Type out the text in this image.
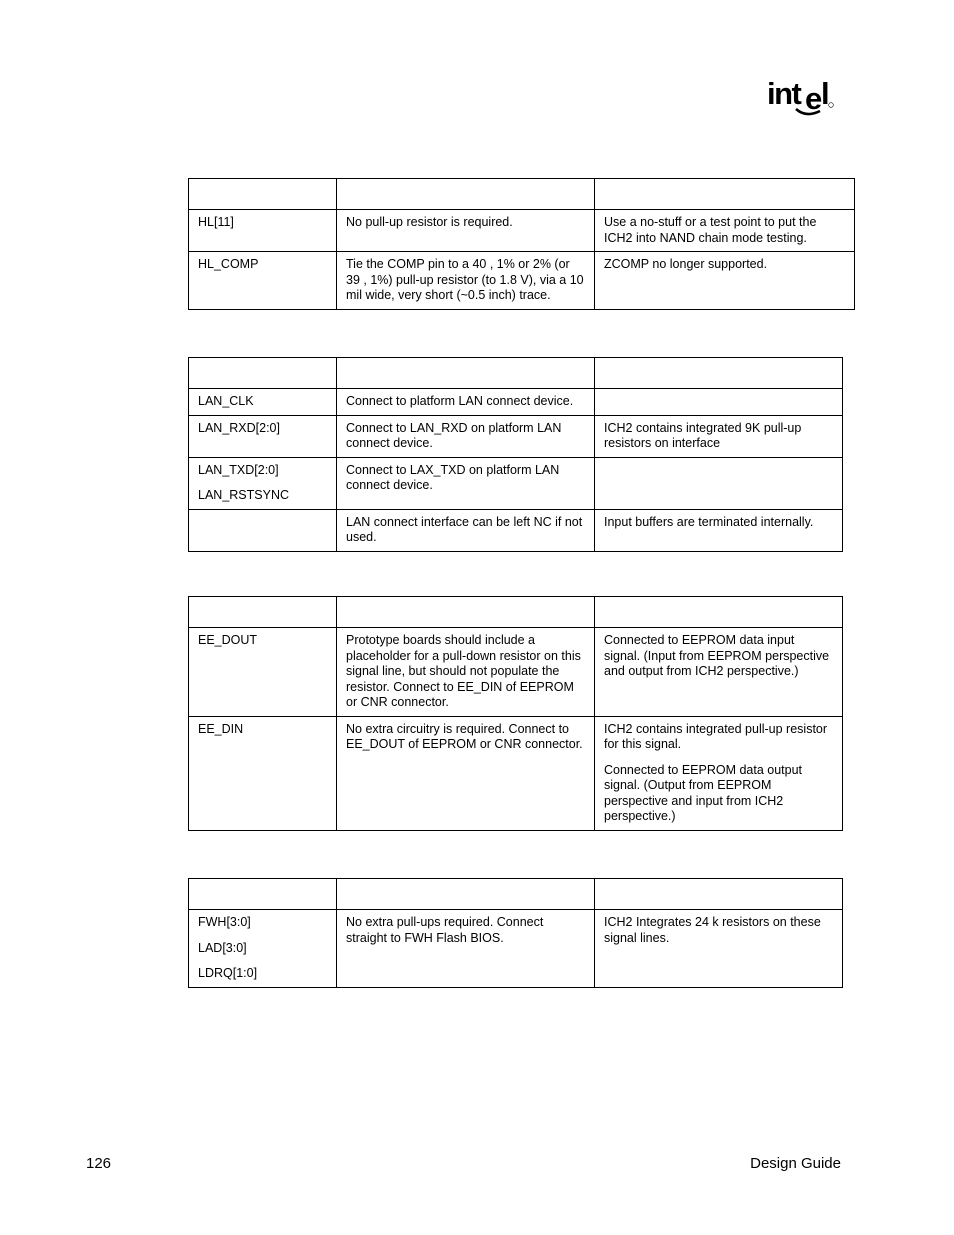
int e
l

HL[11]	No pull-up resistor is required.	Use a no-stuff or a test point to put the ICH2 into NAND chain mode testing.

HL_COMP	Tie the COMP pin to a 40 , 1% or 2% (or 39 , 1%) pull-up resistor (to 1.8 V), via a 10 mil wide, very short (~0.5 inch) trace.	ZCOMP no longer supported.

LAN_CLK	Connect to platform LAN connect device.	

LAN_RXD[2:0]	Connect to LAN_RXD on platform LAN connect device.	ICH2 contains integrated 9K pull-up resistors on interface

LAN_TXD[2:0]

LAN_RSTSYNC	Connect to LAX_TXD on platform LAN connect device.	

	LAN connect interface can be left NC if not used.	Input buffers are terminated internally.

EE_DOUT	Prototype boards should include a placeholder for a pull-down resistor on this signal line, but should not populate the resistor. Connect to EE_DIN of EEPROM or CNR connector.	Connected to EEPROM data input signal. (Input from EEPROM perspective and output from ICH2 perspective.)

EE_DIN	No extra circuitry is required. Connect to EE_DOUT of EEPROM or CNR connector.	ICH2 contains integrated pull-up resistor for this signal.

Connected to EEPROM data output signal. (Output from EEPROM perspective and input from ICH2 perspective.)

FWH[3:0]

LAD[3:0]

LDRQ[1:0]	No extra pull-ups required. Connect straight to FWH Flash BIOS.	ICH2 Integrates 24 k resistors on these signal lines.

126	Design Guide
